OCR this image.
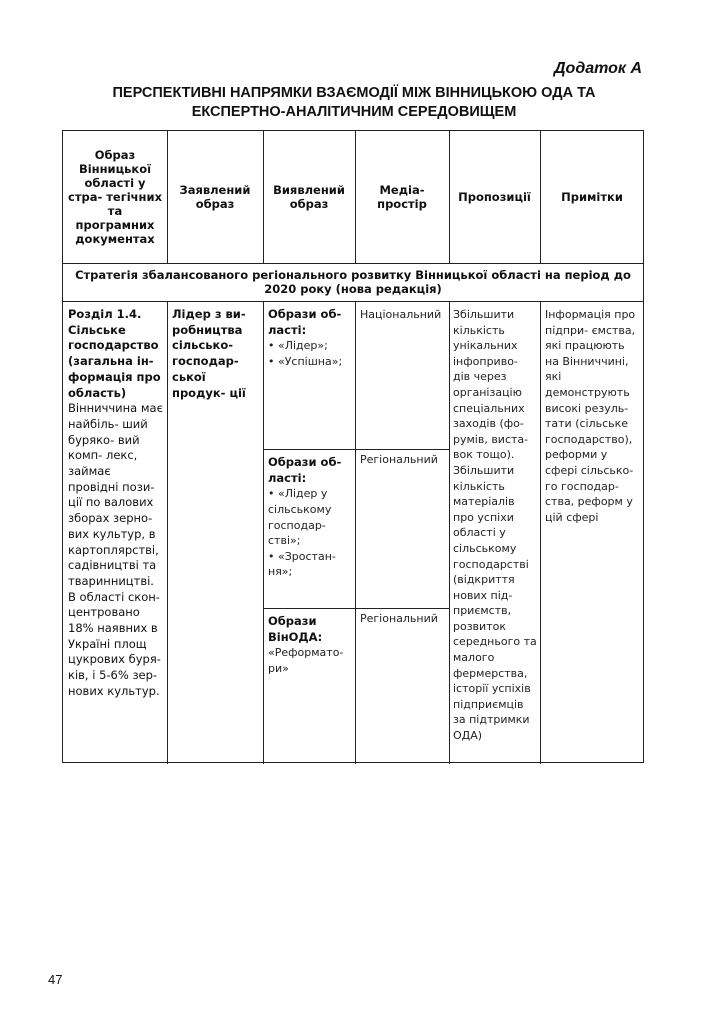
Додаток А
ПЕРСПЕКТИВНІ НАПРЯМКИ ВЗАЄМОДІЇ МІЖ ВІННИЦЬКОЮ ОДА ТА
ЕКСПЕРТНО-АНАЛІТИЧНИМ СЕРЕДОВИЩЕМ
Образ Вінницької області у стра- тегічних та програмних документах
Заявлений образ
Виявлений образ
Медіа- простір	Пропозиції	Примітки
Стратегія збалансованого регіонального розвитку Вінницької області на період до 2020 року (нова редакція)
Розділ 1.4. Сільське господарство (загальна ін- формація про область)
Вінниччина має найбіль- ший буряко- вий комп- лекс, займає провідні пози- ції по валових зборах зерно- вих культур, в картоплярстві, садівництві та тваринництві. В області скон- центровано 18% наявних в Україні площ цукрових буря- ків, і 5-6% зер- нових культур.
Лідер з ви- робництва сільсько- господар- ської продук- ції
Образи об- ласті:
• «Лідер»;
• «Успішна»;
Образи об- ласті:
• «Лідер у сільському господар- стві»;
• «Зростан- ня»;
Образи ВінОДА:
«Реформато- ри»
Національний
Регіональний
Регіональний
Збільшити кількість унікальних інфоприво- дів через організацію спеціальних заходів (фо- румів, виста- вок тощо). Збільшити кількість матеріалів про успіхи області у сільському господарстві (відкриття нових під- приємств, розвиток середнього та малого фермерства, історії успіхів підприємців за підтримки ОДА)
Інформація про підпри- ємства, які працюють на Вінниччині, які демонструють високі резуль- тати (сільське господарство), реформи у сфері сільсько- го господар- ства, реформ у цій сфері
47
